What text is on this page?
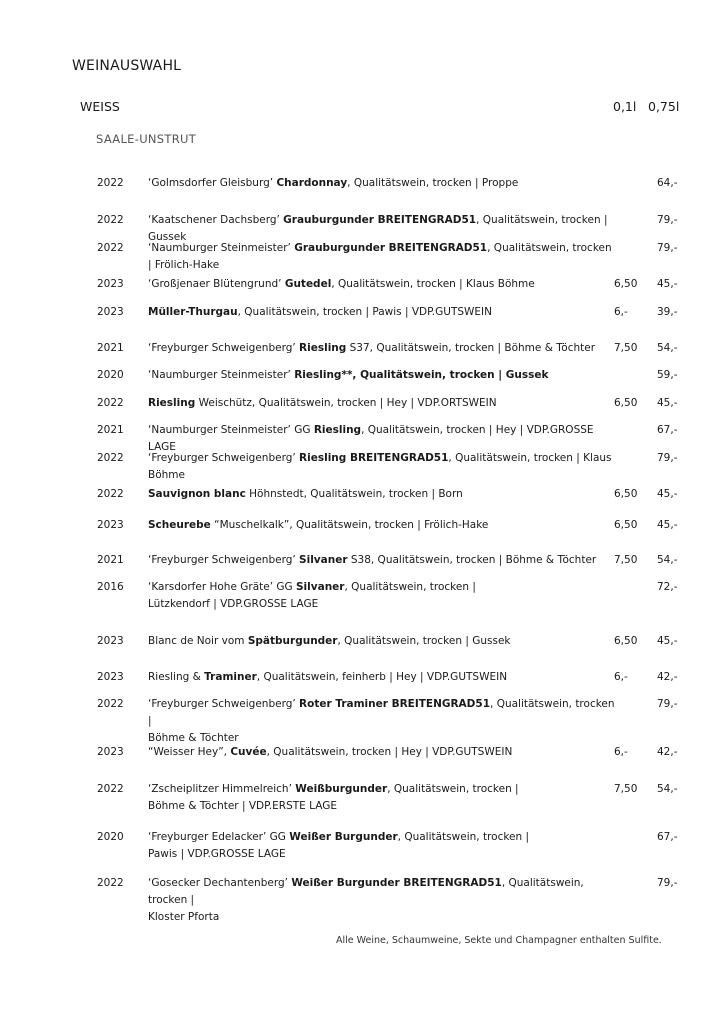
WEINAUSWAHL
WEISS	0,1l 0,75l
SAALE-UNSTRUT
2022 ‘Golmsdorfer Gleisburg’ Chardonnay, Qualitätswein, trocken | Proppe	64,-
2022 ‘Kaatschener Dachsberg’ Grauburgunder BREITENGRAD51, Qualitätswein, trocken | Gussek
79,-
2022 ‘Naumburger Steinmeister’ Grauburgunder BREITENGRAD51, Qualitätswein, trocken | Frölich-Hake
79,-
2023 ‘Großjenaer Blütengrund’ Gutedel, Qualitätswein, trocken | Klaus Böhme	6,50 45,-
2023 Müller-Thurgau, Qualitätswein, trocken | Pawis | VDP.GUTSWEIN	6,-	39,-
2021 ‘Freyburger Schweigenberg’ Riesling S37, Qualitätswein, trocken | Böhme & Töchter	7,50 54,-
2020 ‘Naumburger Steinmeister’ Riesling**, Qualitätswein, trocken | Gussek	59,-
2022 Riesling Weischütz, Qualitätswein, trocken | Hey | VDP.ORTSWEIN	6,50 45,-
2021 ‘Naumburger Steinmeister’ GG Riesling, Qualitätswein, trocken | Hey | VDP.GROSSE LAGE
67,-
2022 ‘Freyburger Schweigenberg’ Riesling BREITENGRAD51, Qualitätswein, trocken | Klaus Böhme
79,-
2022 Sauvignon blanc Höhnstedt, Qualitätswein, trocken | Born	6,50 45,-
2023 Scheurebe “Muschelkalk”, Qualitätswein, trocken | Frölich-Hake	6,50 45,-
2021 ‘Freyburger Schweigenberg’ Silvaner S38, Qualitätswein, trocken | Böhme & Töchter	7,50 54,-
2016 ‘Karsdorfer Hohe Gräte’ GG Silvaner, Qualitätswein, trocken |
Lützkendorf | VDP.GROSSE LAGE
72,-
2023 Blanc de Noir vom Spätburgunder, Qualitätswein, trocken | Gussek	6,50 45,-
2023 Riesling & Traminer, Qualitätswein, feinherb | Hey | VDP.GUTSWEIN	6,-	42,-
2022 ‘Freyburger Schweigenberg’ Roter Traminer BREITENGRAD51, Qualitätswein, trocken |
Böhme & Töchter
79,-
2023 “Weisser Hey”, Cuvée, Qualitätswein, trocken | Hey | VDP.GUTSWEIN	6,-	42,-
2022 ‘Zscheiplitzer Himmelreich’ Weißburgunder, Qualitätswein, trocken |
Böhme & Töchter | VDP.ERSTE LAGE
7,50 54,-
2020 ‘Freyburger Edelacker’ GG Weißer Burgunder, Qualitätswein, trocken |
Pawis | VDP.GROSSE LAGE
67,-
2022 ‘Gosecker Dechantenberg’ Weißer Burgunder BREITENGRAD51, Qualitätswein, trocken |
Kloster Pforta
79,-
Alle Weine, Schaumweine, Sekte und Champagner enthalten Sulfite.
